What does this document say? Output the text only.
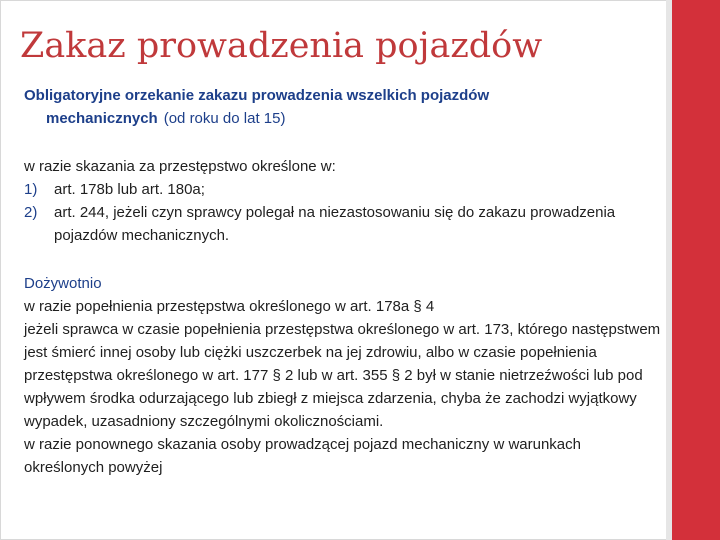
Zakaz prowadzenia pojazdów
Obligatoryjne orzekanie zakazu prowadzenia wszelkich pojazdów
mechanicznych (od roku do lat 15)

w razie skazania za przestępstwo określone w:

1)	art. 178b lub art. 180a;
2)	art. 244, jeżeli czyn sprawcy polegał na niezastosowaniu się do zakazu prowadzenia pojazdów mechanicznych.
Dożywotnio

w razie popełnienia przestępstwa określonego w art. 178a § 4

jeżeli sprawca w czasie popełnienia przestępstwa określonego w art. 173, którego następstwem jest śmierć innej osoby lub ciężki uszczerbek na jej zdrowiu, albo w czasie popełnienia przestępstwa określonego w art. 177 § 2 lub w art. 355 § 2 był w stanie nietrzeźwości lub pod wpływem środka odurzającego lub zbiegł z miejsca zdarzenia, chyba że zachodzi wyjątkowy wypadek, uzasadniony szczególnymi okolicznościami.

w razie ponownego skazania osoby prowadzącej pojazd mechaniczny w warunkach określonych powyżej
